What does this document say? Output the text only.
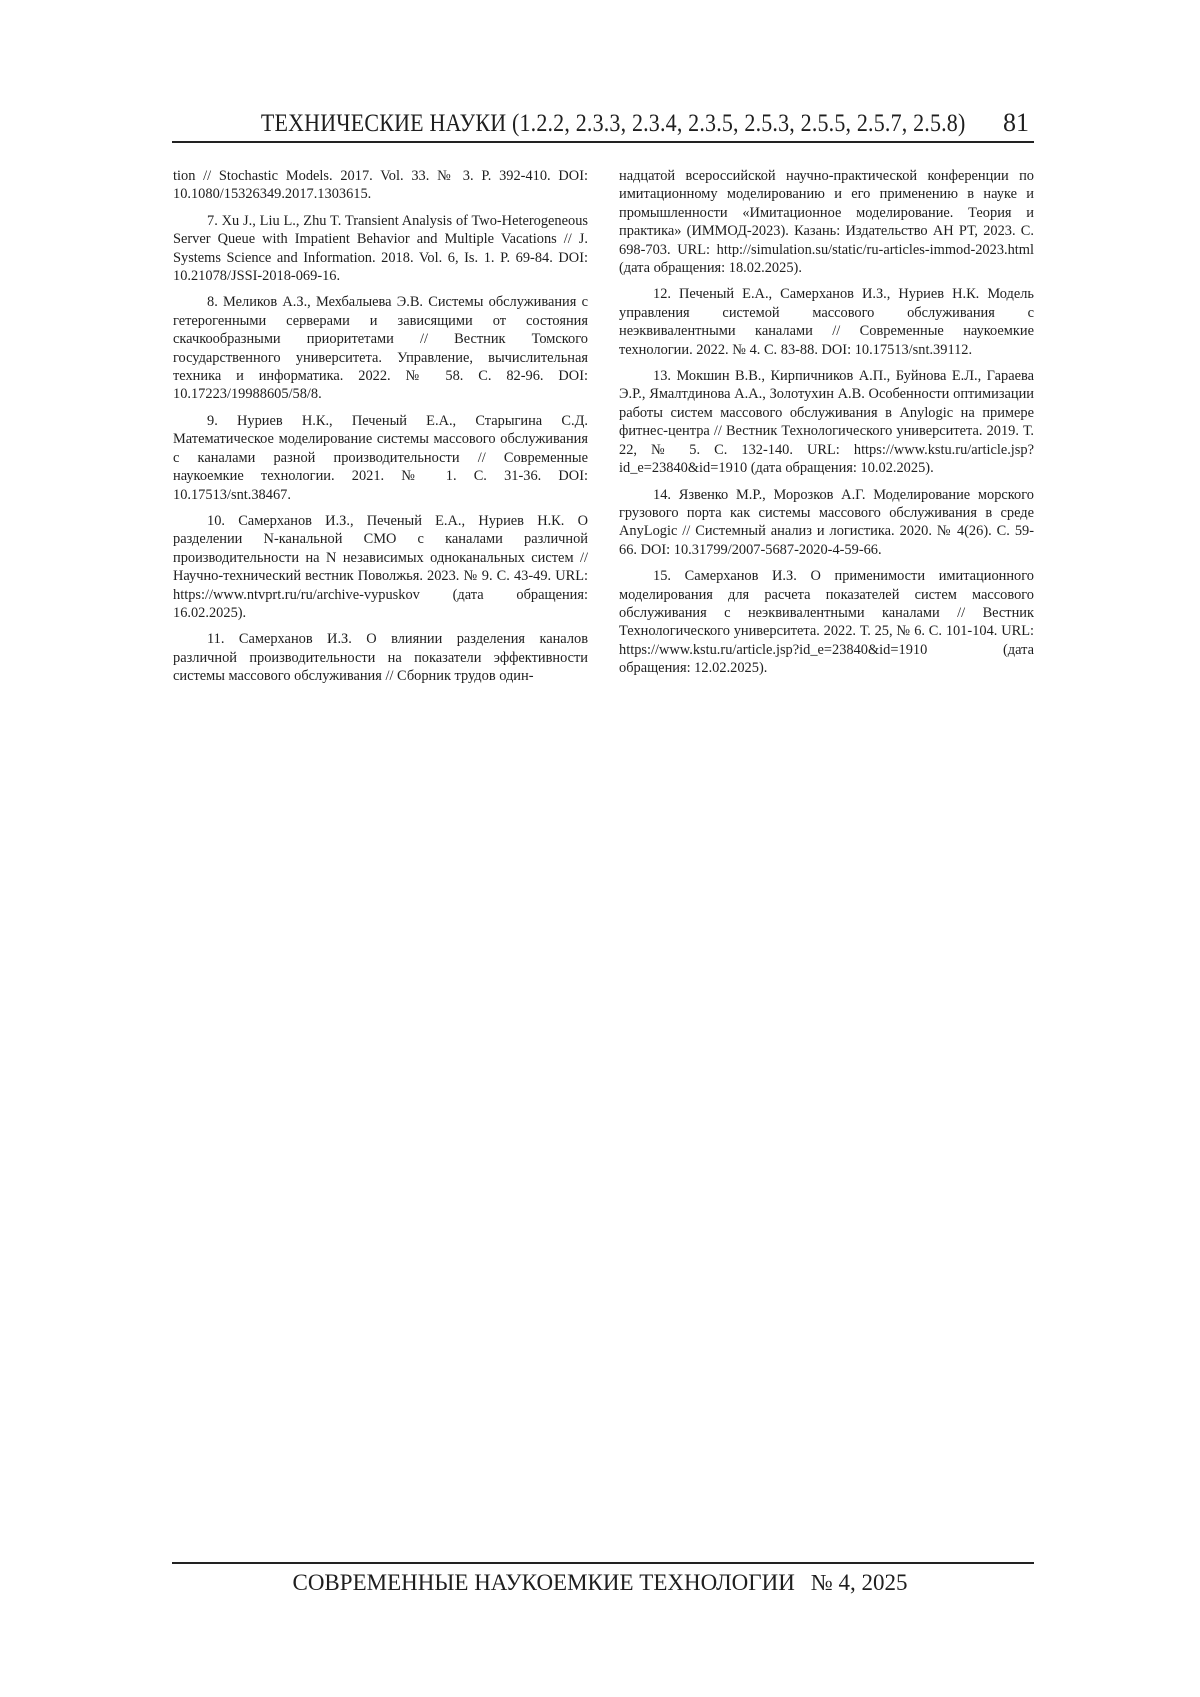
ТЕХНИЧЕСКИЕ НАУКИ (1.2.2, 2.3.3, 2.3.4, 2.3.5, 2.5.3, 2.5.5, 2.5.7, 2.5.8) 81

tion // Stochastic Models. 2017. Vol. 33. № 3. P. 392-410. DOI: 10.1080/15326349.2017.1303615.

7. Xu J., Liu L., Zhu T. Transient Analysis of Two-Heterogeneous Server Queue with Impatient Behavior and Multiple Vacations // J. Systems Science and Information. 2018. Vol. 6, Is. 1. P. 69-84. DOI: 10.21078/JSSI-2018-069-16.

8. Меликов А.З., Мехбалыева Э.В. Системы обслуживания с гетерогенными серверами и зависящими от состояния скачкообразными приоритетами // Вестник Томского государственного университета. Управление, вычислительная техника и информатика. 2022. № 58. С. 82-96. DOI: 10.17223/19988605/58/8.

9. Нуриев Н.К., Печеный Е.А., Старыгина С.Д. Математическое моделирование системы массового обслуживания с каналами разной производительности // Современные наукоемкие технологии. 2021. № 1. С. 31-36. DOI: 10.17513/snt.38467.

10. Самерханов И.З., Печеный Е.А., Нуриев Н.К. О разделении N-канальной СМО с каналами различной производительности на N независимых одноканальных систем // Научно-технический вестник Поволжья. 2023. № 9. С. 43-49. URL: https://www.ntvprt.ru/ru/archive-vypuskov (дата обращения: 16.02.2025).

11. Самерханов И.З. О влиянии разделения каналов различной производительности на показатели эффективности системы массового обслуживания // Сборник трудов один-

надцатой всероссийской научно-практической конференции по имитационному моделированию и его применению в науке и промышленности «Имитационное моделирование. Теория и практика» (ИММОД-2023). Казань: Издательство АН РТ, 2023. С. 698-703. URL: http://simulation.su/static/ru-articles-immod-2023.html (дата обращения: 18.02.2025).

12. Печеный Е.А., Самерханов И.З., Нуриев Н.К. Модель управления системой массового обслуживания с неэквивалентными каналами // Современные наукоемкие технологии. 2022. № 4. С. 83-88. DOI: 10.17513/snt.39112.

13. Мокшин В.В., Кирпичников А.П., Буйнова Е.Л., Гараева Э.Р., Ямалтдинова А.А., Золотухин А.В. Особенности оптимизации работы систем массового обслуживания в Anylogic на примере фитнес-центра // Вестник Технологического университета. 2019. Т. 22, № 5. С. 132-140. URL: https://www.kstu.ru/article.jsp?id_e=23840&id=1910 (дата обращения: 10.02.2025).

14. Язвенко М.Р., Морозков А.Г. Моделирование морского грузового порта как системы массового обслуживания в среде AnyLogic // Системный анализ и логистика. 2020. № 4(26). С. 59-66. DOI: 10.31799/2007-5687-2020-4-59-66.

15. Самерханов И.З. О применимости имитационного моделирования для расчета показателей систем массового обслуживания с неэквивалентными каналами // Вестник Технологического университета. 2022. Т. 25, № 6. С. 101-104. URL: https://www.kstu.ru/article.jsp?id_e=23840&id=1910 (дата обращения: 12.02.2025).

СОВРЕМЕННЫЕ НАУКОЕМКИЕ ТЕХНОЛОГИИ № 4, 2025
